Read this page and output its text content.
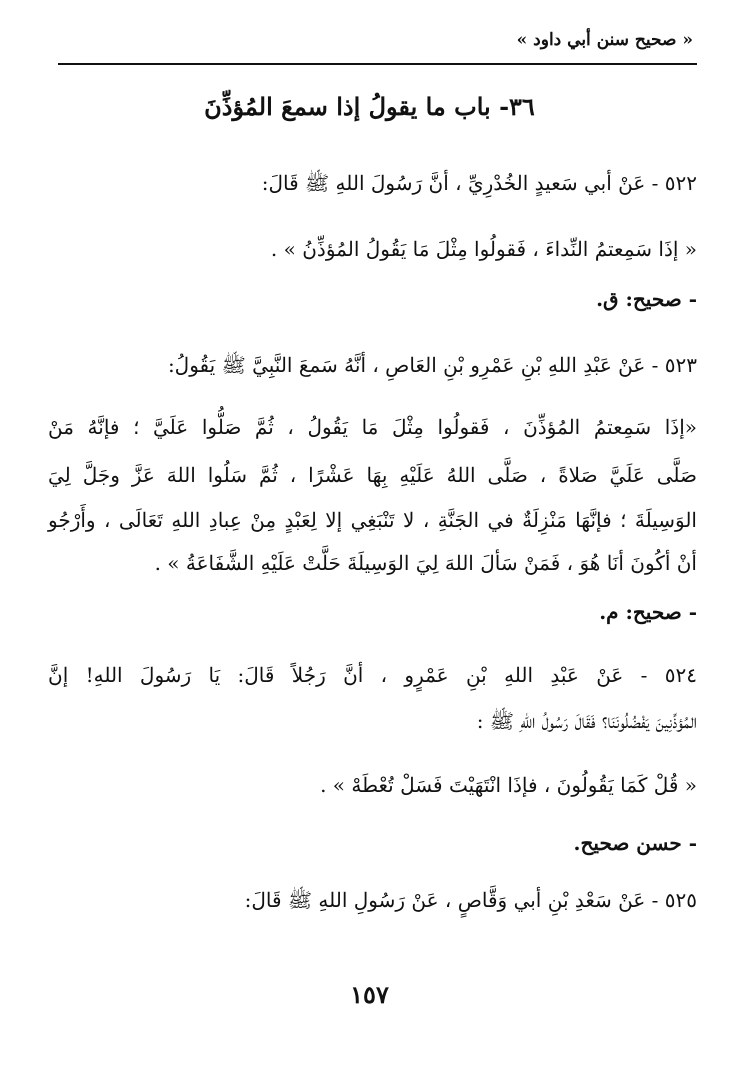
« صحيح سنن أبي داود »
٣٦- باب ما يقولُ إذا سمعَ المُؤذِّنَ
٥٢٢ - عَنْ أبي سَعيدٍ الخُدْرِيِّ ، أنَّ رَسُولَ اللهِ ﷺ قَالَ:
« إذَا سَمِعتمُ النِّداءَ ، فَقولُوا مِثْلَ مَا يَقُولُ المُؤذِّنُ » .
- صحيح: ق.
٥٢٣ - عَنْ عَبْدِ اللهِ بْنِ عَمْرِو بْنِ العَاصِ ، أنَّهُ سَمعَ النَّبِيَّ ﷺ يَقُولُ:
«إذَا سَمِعتمُ المُؤذِّنَ ، فَقولُوا مِثْلَ مَا يَقُولُ ، ثُمَّ صَلُّوا عَلَيَّ ؛ فإنَّهُ مَنْ
صَلَّى عَلَيَّ صَلاةً ، صَلَّى اللهُ عَلَيْهِ بِهَا عَشْرًا ، ثُمَّ سَلُوا اللهَ عَزَّ وجَلَّ لِيَ
الوَسِيلَةَ ؛ فإنَّهَا مَنْزِلَةٌ في الجَنَّةِ ، لا تَنْبَغِي إلا لِعَبْدٍ مِنْ عِبادِ اللهِ تَعَالَى ، وأَرْجُو
أنْ أكُونَ أنَا هُوَ ، فَمَنْ سَألَ اللهَ لِيَ الوَسِيلَةَ حَلَّتْ عَلَيْهِ الشَّفَاعَةُ » .
- صحيح: م.
٥٢٤ - عَنْ عَبْدِ اللهِ بْنِ عَمْرٍو ، أنَّ رَجُلاً قَالَ: يَا رَسُولَ اللهِ! إنَّ
المُؤذِّنِينَ يَفْضُلُونَنَا؟ فَقَالَ رَسُولُ اللهِ ﷺ :
« قُلْ كَمَا يَقُولُونَ ، فإذَا انْتَهَيْتَ فَسَلْ تُعْطَهْ » .
- حسن صحيح.
٥٢٥ - عَنْ سَعْدِ بْنِ أبي وَقَّاصٍ ، عَنْ رَسُولِ اللهِ ﷺ قَالَ:
١٥٧
